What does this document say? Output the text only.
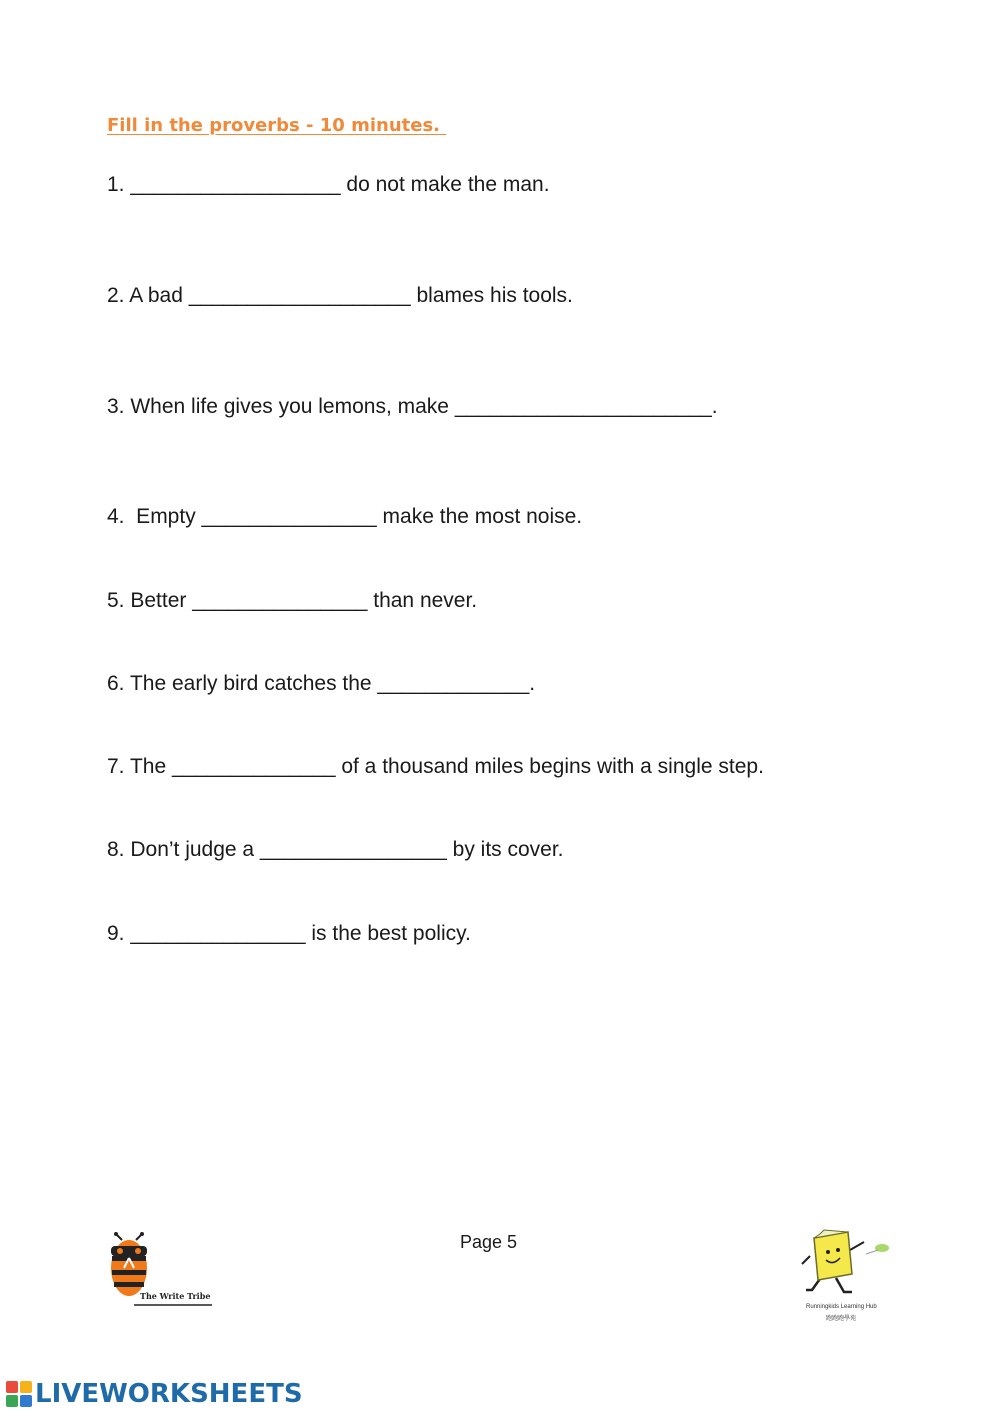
Fill in the proverbs - 10 minutes.
1. __________________ do not make the man.
2. A bad ___________________ blames his tools.
3. When life gives you lemons, make ______________________.
4.  Empty _______________ make the most noise.
5. Better _______________ than never.
6. The early bird catches the _____________.
7. The ______________ of a thousand miles begins with a single step.
8. Don’t judge a ________________ by its cover.
9. _______________ is the best policy.
Page 5
The Write Tribe
Runningkids Learning Hub
跑跑跑學苑
LIVEWORKSHEETS
